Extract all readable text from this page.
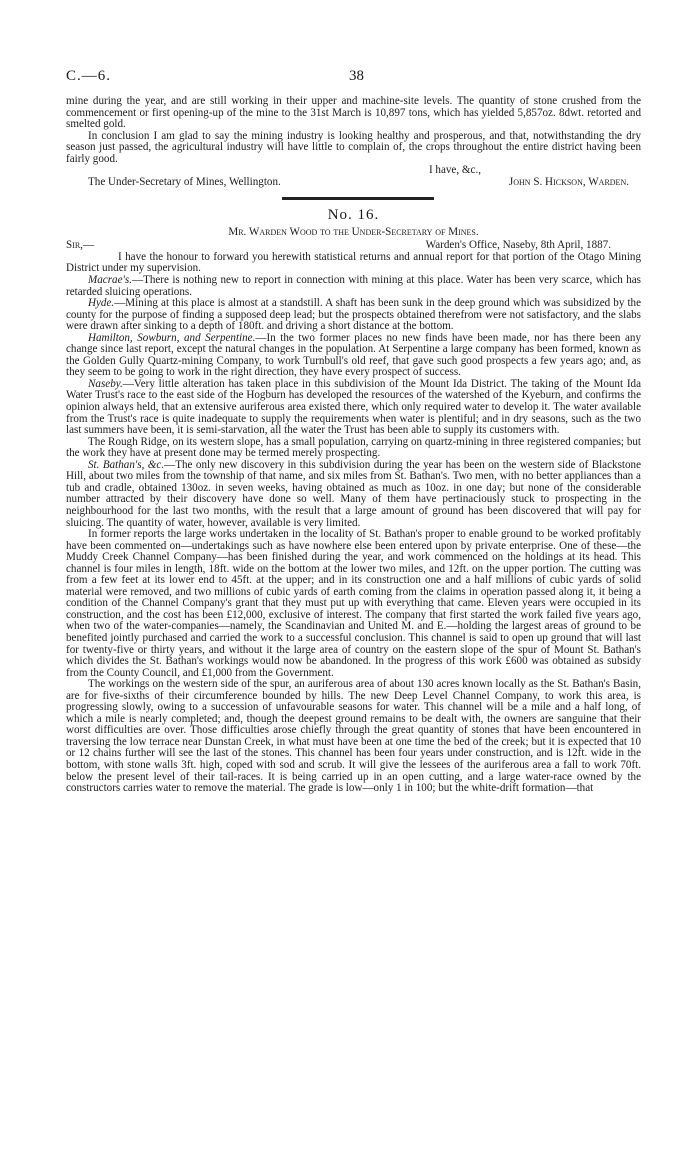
C.—6.	38

mine during the year, and are still working in their upper and machine-site levels. The quantity of stone crushed from the commencement or first opening-up of the mine to the 31st March is 10,897 tons, which has yielded 5,857oz. 8dwt. retorted and smelted gold.

In conclusion I am glad to say the mining industry is looking healthy and prosperous, and that, notwithstanding the dry season just passed, the agricultural industry will have little to complain of, the crops throughout the entire district having been fairly good.

I have, &c.,
The Under-Secretary of Mines, Wellington.	John S. Hickson, Warden.
No. 16.
Mr. Warden Wood to the Under-Secretary of Mines.
Sir,—	Warden's Office, Naseby, 8th April, 1887.

I have the honour to forward you herewith statistical returns and annual report for that portion of the Otago Mining District under my supervision.

Macrae's.—There is nothing new to report in connection with mining at this place. Water has been very scarce, which has retarded sluicing operations.

Hyde.—Mining at this place is almost at a standstill. A shaft has been sunk in the deep ground which was subsidized by the county for the purpose of finding a supposed deep lead; but the prospects obtained therefrom were not satisfactory, and the slabs were drawn after sinking to a depth of 180ft. and driving a short distance at the bottom.

Hamilton, Sowburn, and Serpentine.—In the two former places no new finds have been made, nor has there been any change since last report, except the natural changes in the population. At Serpentine a large company has been formed, known as the Golden Gully Quartz-mining Company, to work Turnbull's old reef, that gave such good prospects a few years ago; and, as they seem to be going to work in the right direction, they have every prospect of success.

Naseby.—Very little alteration has taken place in this subdivision of the Mount Ida District. The taking of the Mount Ida Water Trust's race to the east side of the Hogburn has developed the resources of the watershed of the Kyeburn, and confirms the opinion always held, that an extensive auriferous area existed there, which only required water to develop it. The water available from the Trust's race is quite inadequate to supply the requirements when water is plentiful; and in dry seasons, such as the two last summers have been, it is semi-starvation, all the water the Trust has been able to supply its customers with.

The Rough Ridge, on its western slope, has a small population, carrying on quartz-mining in three registered companies; but the work they have at present done may be termed merely prospecting.

St. Bathan's, &c.—The only new discovery in this subdivision during the year has been on the western side of Blackstone Hill, about two miles from the township of that name, and six miles from St. Bathan's. Two men, with no better appliances than a tub and cradle, obtained 130oz. in seven weeks, having obtained as much as 10oz. in one day; but none of the considerable number attracted by their discovery have done so well. Many of them have pertinaciously stuck to prospecting in the neighbourhood for the last two months, with the result that a large amount of ground has been discovered that will pay for sluicing. The quantity of water, however, available is very limited.

In former reports the large works undertaken in the locality of St. Bathan's proper to enable ground to be worked profitably have been commented on—undertakings such as have nowhere else been entered upon by private enterprise. One of these—the Muddy Creek Channel Company—has been finished during the year, and work commenced on the holdings at its head. This channel is four miles in length, 18ft. wide on the bottom at the lower two miles, and 12ft. on the upper portion. The cutting was from a few feet at its lower end to 45ft. at the upper; and in its construction one and a half millions of cubic yards of solid material were removed, and two millions of cubic yards of earth coming from the claims in operation passed along it, it being a condition of the Channel Company's grant that they must put up with everything that came. Eleven years were occupied in its construction, and the cost has been £12,000, exclusive of interest. The company that first started the work failed five years ago, when two of the water-companies—namely, the Scandinavian and United M. and E.—holding the largest areas of ground to be benefited jointly purchased and carried the work to a successful conclusion. This channel is said to open up ground that will last for twenty-five or thirty years, and without it the large area of country on the eastern slope of the spur of Mount St. Bathan's which divides the St. Bathan's workings would now be abandoned. In the progress of this work £600 was obtained as subsidy from the County Council, and £1,000 from the Government.

The workings on the western side of the spur, an auriferous area of about 130 acres known locally as the St. Bathan's Basin, are for five-sixths of their circumference bounded by hills. The new Deep Level Channel Company, to work this area, is progressing slowly, owing to a succession of unfavourable seasons for water. This channel will be a mile and a half long, of which a mile is nearly completed; and, though the deepest ground remains to be dealt with, the owners are sanguine that their worst difficulties are over. Those difficulties arose chiefly through the great quantity of stones that have been encountered in traversing the low terrace near Dunstan Creek, in what must have been at one time the bed of the creek; but it is expected that 10 or 12 chains further will see the last of the stones. This channel has been four years under construction, and is 12ft. wide in the bottom, with stone walls 3ft. high, coped with sod and scrub. It will give the lessees of the auriferous area a fall to work 70ft. below the present level of their tail-races. It is being carried up in an open cutting, and a large water-race owned by the constructors carries water to remove the material. The grade is low—only 1 in 100; but the white-drift formation—that
